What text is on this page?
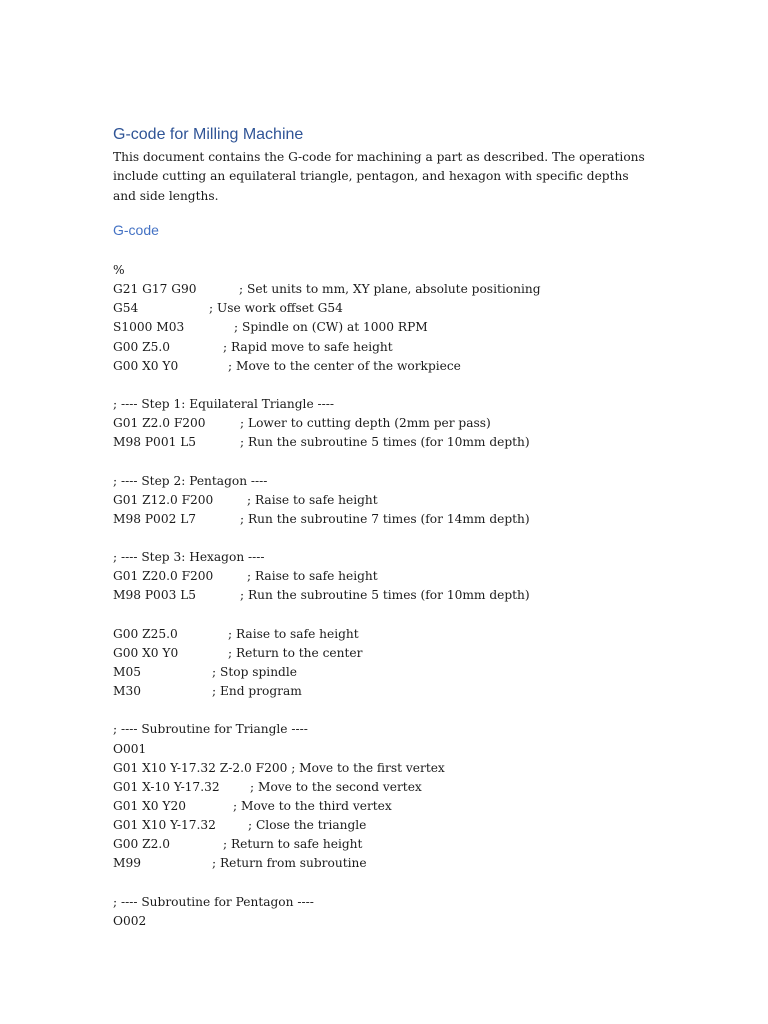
G-code for Milling Machine
This document contains the G-code for machining a part as described. The operations include cutting an equilateral triangle, pentagon, and hexagon with specific depths and side lengths.
G-code
%
G21 G17 G90	; Set units to mm, XY plane, absolute positioning
G54	; Use work offset G54
S1000 M03	; Spindle on (CW) at 1000 RPM
G00 Z5.0	; Rapid move to safe height
G00 X0 Y0	; Move to the center of the workpiece
; ---- Step 1: Equilateral Triangle ----
G01 Z2.0 F200	; Lower to cutting depth (2mm per pass)
M98 P001 L5	; Run the subroutine 5 times (for 10mm depth)
; ---- Step 2: Pentagon ----
G01 Z12.0 F200	; Raise to safe height
M98 P002 L7	; Run the subroutine 7 times (for 14mm depth)
; ---- Step 3: Hexagon ----
G01 Z20.0 F200	; Raise to safe height
M98 P003 L5	; Run the subroutine 5 times (for 10mm depth)
G00 Z25.0	; Raise to safe height
G00 X0 Y0	; Return to the center
M05	; Stop spindle
M30	; End program
; ---- Subroutine for Triangle ----
O001
G01 X10 Y-17.32 Z-2.0 F200 ; Move to the first vertex
G01 X-10 Y-17.32 ; Move to the second vertex
G01 X0 Y20	; Move to the third vertex
G01 X10 Y-17.32	; Close the triangle
G00 Z2.0	; Return to safe height
M99	; Return from subroutine
; ---- Subroutine for Pentagon ----
O002
